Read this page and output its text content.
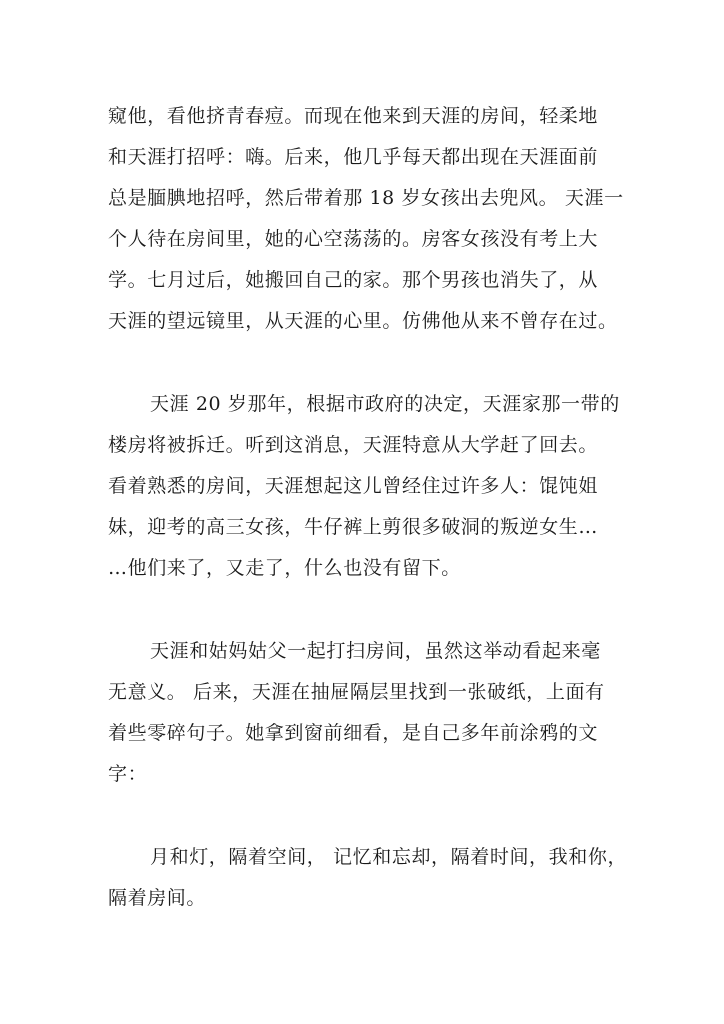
窥他，看他挤青春痘。而现在他来到天涯的房间，轻柔地
和天涯打招呼：嗨。后来，他几乎每天都出现在天涯面前
总是腼腆地招呼，然后带着那 18 岁女孩出去兜风。 天涯一
个人待在房间里，她的心空荡荡的。房客女孩没有考上大
学。七月过后，她搬回自己的家。那个男孩也消失了，从
天涯的望远镜里，从天涯的心里。仿佛他从来不曾存在过。
天涯 20 岁那年，根据市政府的决定，天涯家那一带的
楼房将被拆迁。听到这消息，天涯特意从大学赶了回去。
看着熟悉的房间，天涯想起这儿曾经住过许多人：馄饨姐
妹，迎考的高三女孩，牛仔裤上剪很多破洞的叛逆女生…
…他们来了，又走了，什么也没有留下。
天涯和姑妈姑父一起打扫房间，虽然这举动看起来毫
无意义。 后来，天涯在抽屉隔层里找到一张破纸，上面有
着些零碎句子。她拿到窗前细看，是自己多年前涂鸦的文
字：
月和灯，隔着空间， 记忆和忘却，隔着时间，我和你，
隔着房间。
